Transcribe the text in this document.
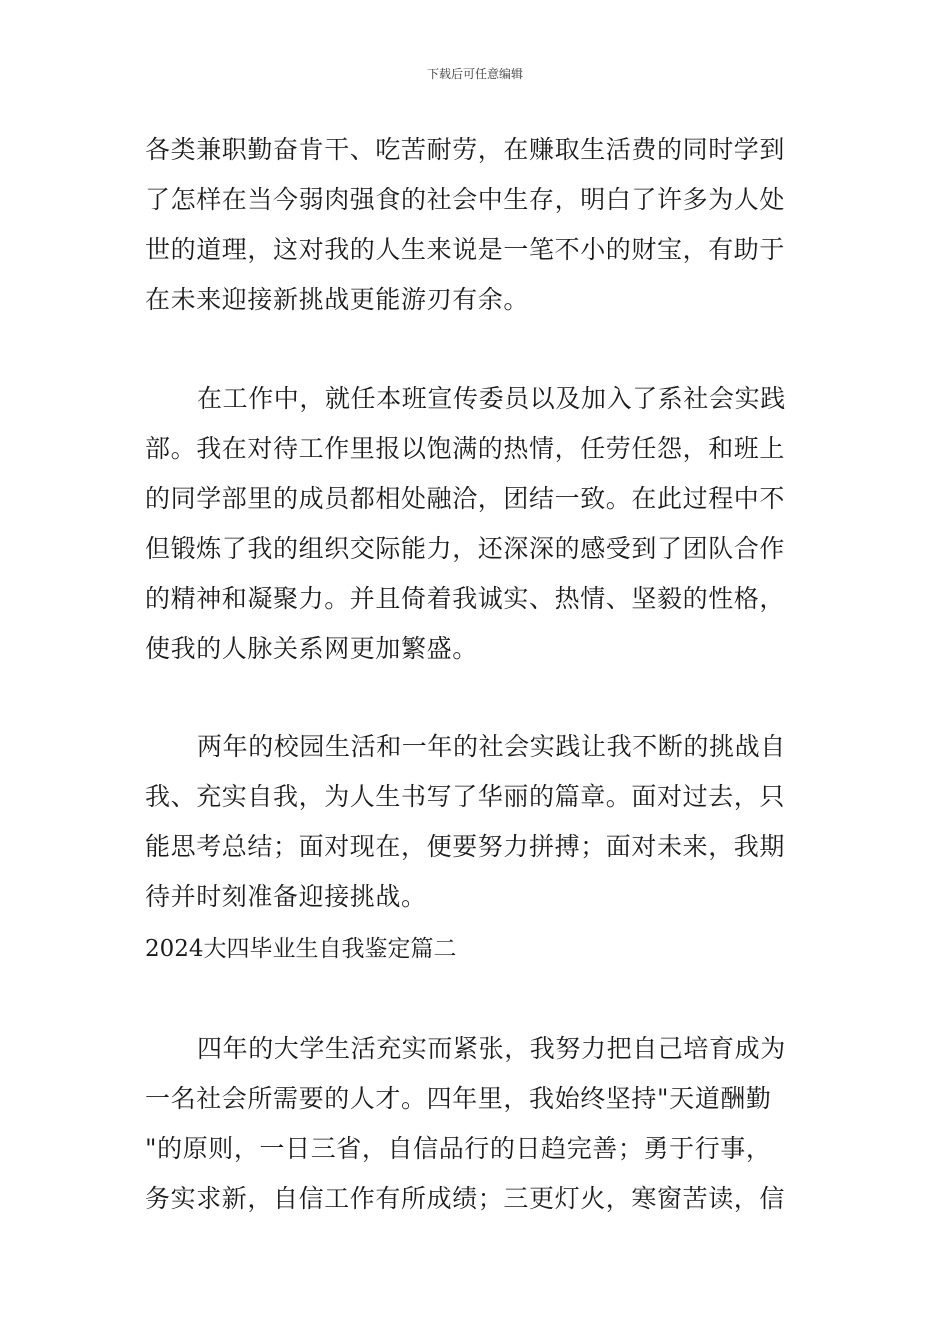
下载后可任意编辑
各类兼职勤奋肯干、吃苦耐劳，在赚取生活费的同时学到
了怎样在当今弱肉强食的社会中生存，明白了许多为人处
世的道理，这对我的人生来说是一笔不小的财宝，有助于
在未来迎接新挑战更能游刃有余。
在工作中，就任本班宣传委员以及加入了系社会实践
部。我在对待工作里报以饱满的热情，任劳任怨，和班上
的同学部里的成员都相处融洽，团结一致。在此过程中不
但锻炼了我的组织交际能力，还深深的感受到了团队合作
的精神和凝聚力。并且倚着我诚实、热情、坚毅的性格，
使我的人脉关系网更加繁盛。
两年的校园生活和一年的社会实践让我不断的挑战自
我、充实自我，为人生书写了华丽的篇章。面对过去，只
能思考总结；面对现在，便要努力拼搏；面对未来，我期
待并时刻准备迎接挑战。
2024大四毕业生自我鉴定篇二
四年的大学生活充实而紧张，我努力把自己培育成为
一名社会所需要的人才。四年里，我始终坚持"天道酬勤
"的原则，一日三省，自信品行的日趋完善；勇于行事，
务实求新，自信工作有所成绩；三更灯火，寒窗苦读，信
